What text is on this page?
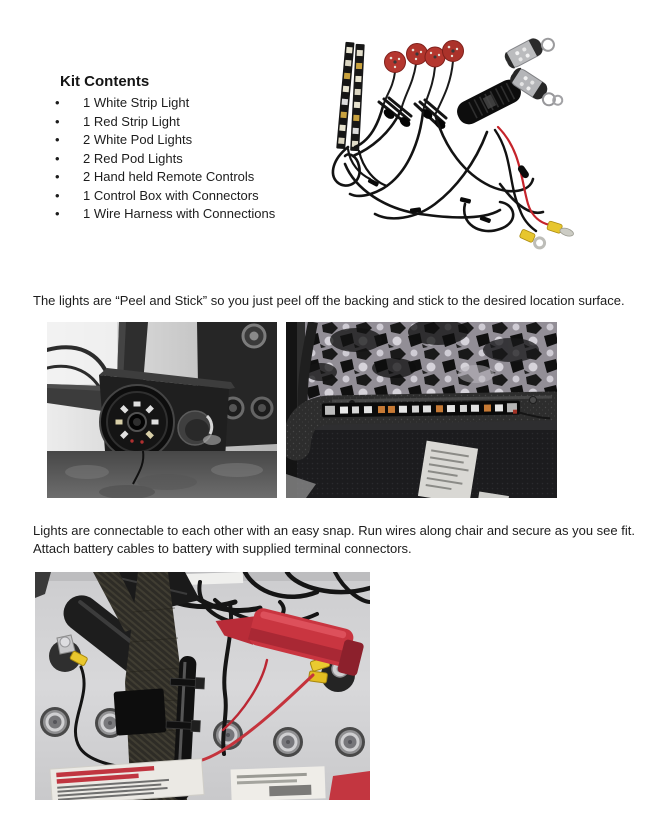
Kit Contents
• 1 White Strip Light
• 1 Red Strip Light
• 2 White Pod Lights
• 2 Red Pod Lights
• 2 Hand held Remote Controls
• 1 Control Box with Connectors
• 1 Wire Harness with Connections
The lights are “Peel and Stick” so you just peel off the backing and stick to the desired location surface.
Lights are connectable to each other with an easy snap. Run wires along chair and secure as you see fit.
Attach battery cables to battery with supplied terminal connectors.
